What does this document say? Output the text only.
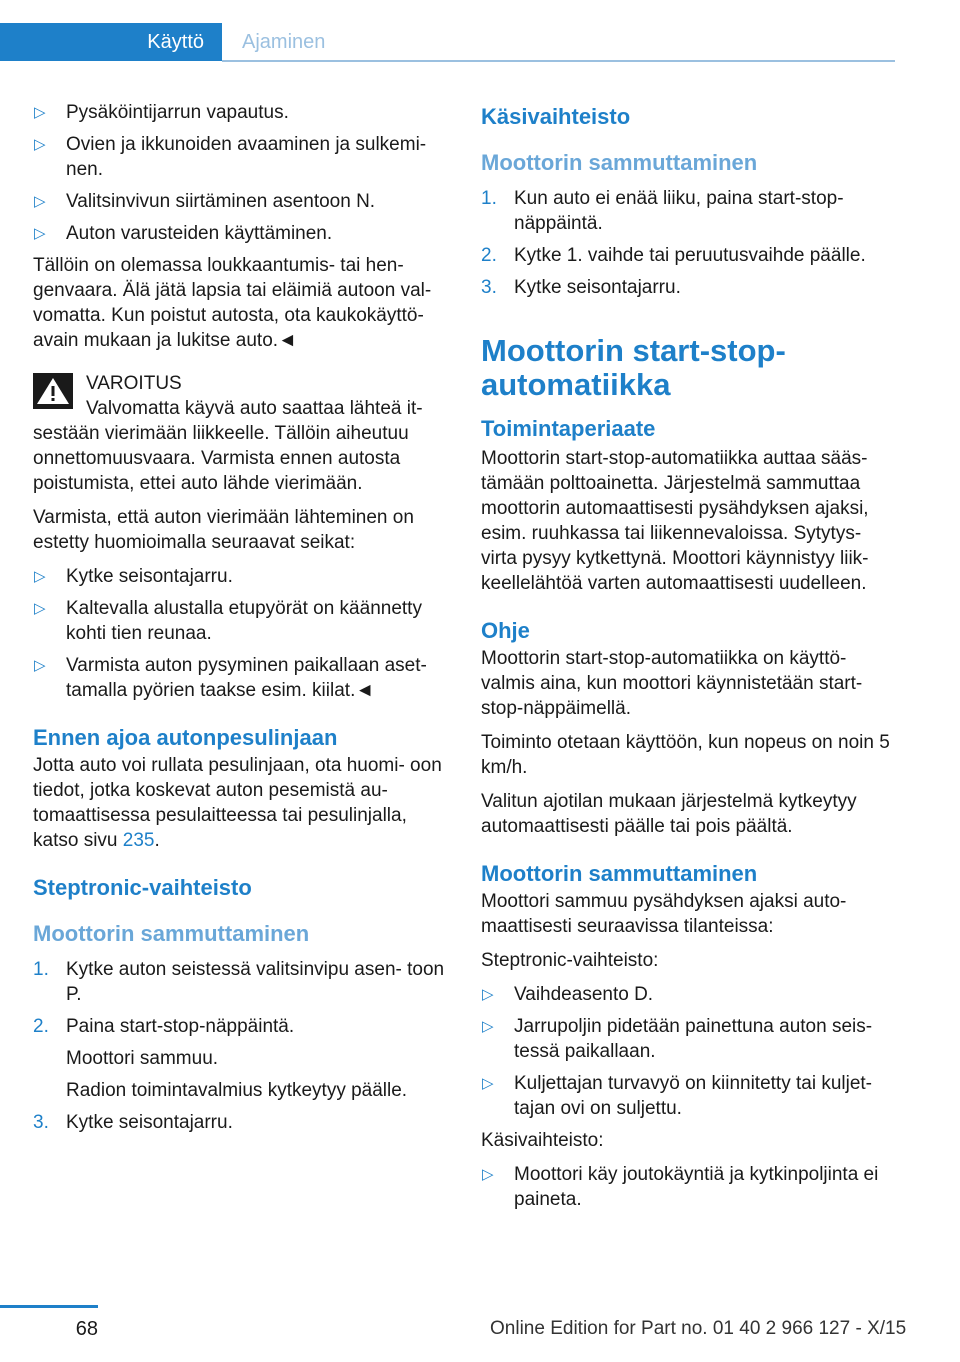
Käyttö	Ajaminen
▷ Pysäköintijarrun vapautus.
▷ Ovien ja ikkunoiden avaaminen ja sulkemi‐ nen.
▷ Valitsinvivun siirtäminen asentoon N.
▷ Auton varusteiden käyttäminen.

Tällöin on olemassa loukkaantumis- tai hen‐ genvaara. Älä jätä lapsia tai eläimiä autoon val‐ vomatta. Kun poistut autosta, ota kaukokäyttö‐ avain mukaan ja lukitse auto.◄

VAROITUS
Valvomatta käyvä auto saattaa lähteä it‐
sestään vierimään liikkeelle. Tällöin aiheutuu onnettomuusvaara. Varmista ennen autosta poistumista, ettei auto lähde vierimään.

Varmista, että auton vierimään lähteminen on estetty huomioimalla seuraavat seikat:

▷ Kytke seisontajarru.
▷ Kaltevalla alustalla etupyörät on käännetty kohti tien reunaa.
▷ Varmista auton pysyminen paikallaan aset‐ tamalla pyörien taakse esim. kiilat.◄
Ennen ajoa autonpesulinjaan

Jotta auto voi rullata pesulinjaan, ota huomi‐ oon tiedot, jotka koskevat auton pesemistä au‐ tomaattisessa pesulaitteessa tai pesulinjalla, katso sivu 235.

Steptronic-vaihteisto
Moottorin sammuttaminen
1. Kytke auton seistessä valitsinvipu asen‐ toon P.
2. Paina start-stop-näppäintä.
Moottori sammuu.
Radion toimintavalmius kytkeytyy päälle.
3. Kytke seisontajarru.
Käsivaihteisto
Moottorin sammuttaminen
1. Kun auto ei enää liiku, paina start-stop- näppäintä.
2. Kytke 1. vaihde tai peruutusvaihde päälle.
3. Kytke seisontajarru.
Moottorin start-stop-automatiikka
Toimintaperiaate

Moottorin start-stop-automatiikka auttaa sääs‐ tämään polttoainetta. Järjestelmä sammuttaa moottorin automaattisesti pysähdyksen ajaksi, esim. ruuhkassa tai liikennevaloissa. Sytytys‐ virta pysyy kytkettynä. Moottori käynnistyy liik‐ keellelähtöä varten automaattisesti uudelleen.

Ohje

Moottorin start-stop-automatiikka on käyttö‐ valmis aina, kun moottori käynnistetään start- stop-näppäimellä.

Toiminto otetaan käyttöön, kun nopeus on noin 5 km/h.

Valitun ajotilan mukaan järjestelmä kytkeytyy automaattisesti päälle tai pois päältä.

Moottorin sammuttaminen

Moottori sammuu pysähdyksen ajaksi auto‐ maattisesti seuraavissa tilanteissa:

Steptronic-vaihteisto:

▷ Vaihdeasento D.
▷ Jarrupoljin pidetään painettuna auton seis‐ tessä paikallaan.
▷ Kuljettajan turvavyö on kiinnitetty tai kuljet‐ tajan ovi on suljettu.

Käsivaihteisto:

▷ Moottori käy joutokäyntiä ja kytkinpoljinta ei paineta.
68	Online Edition for Part no. 01 40 2 966 127 - X/15
